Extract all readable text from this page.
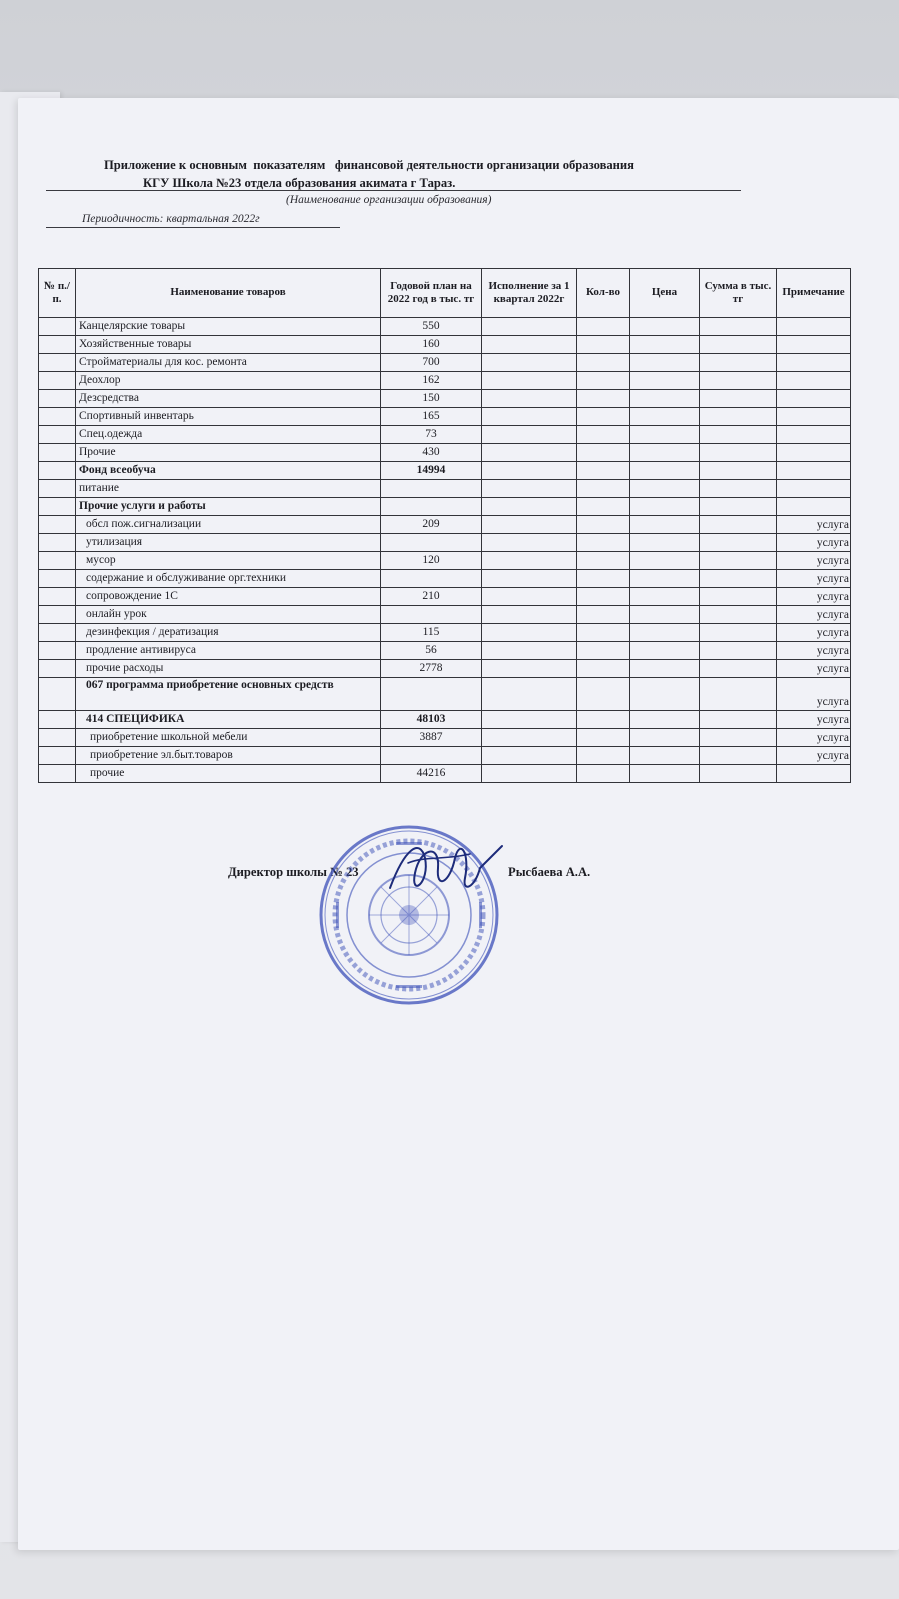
Приложение к основным  показателям   финансовой деятельности организации образования
КГУ Школа №23 отдела образования акимата г Тараз.
(Наименование организации образования)
Периодичность: квартальная 2022г
№ п./п.	Наименование товаров	Годовой план на 2022 год в тыс. тг	Исполнение за 1 квартал 2022г	Кол-во	Цена	Сумма в тыс. тг	Примечание
	Канцелярские товары	550					
	Хозяйственные товары	160					
	Стройматериалы для кос. ремонта	700					
	Деохлор	162					
	Дезсредства	150					
	Спортивный инвентарь	165					
	Спец.одежда	73					
	Прочие	430					
	Фонд всеобуча	14994					
	питание						
	Прочие услуги и работы						
	обсл пож.сигнализации	209					услуга
	утилизация						услуга
	мусор	120					услуга
	содержание и обслуживание орг.техники						услуга
	сопровождение 1С	210					услуга
	онлайн урок						услуга
	дезинфекция / дератизация	115					услуга
	продление антивируса	56					услуга
	прочие расходы	2778					услуга
	067 программа приобретение основных средств						услуга
	414 СПЕЦИФИКА	48103					услуга
	приобретение школьной мебели	3887					услуга
	приобретение эл.быт.товаров						услуга
	прочие	44216					
Директор школы № 23	Рысбаева А.А.
